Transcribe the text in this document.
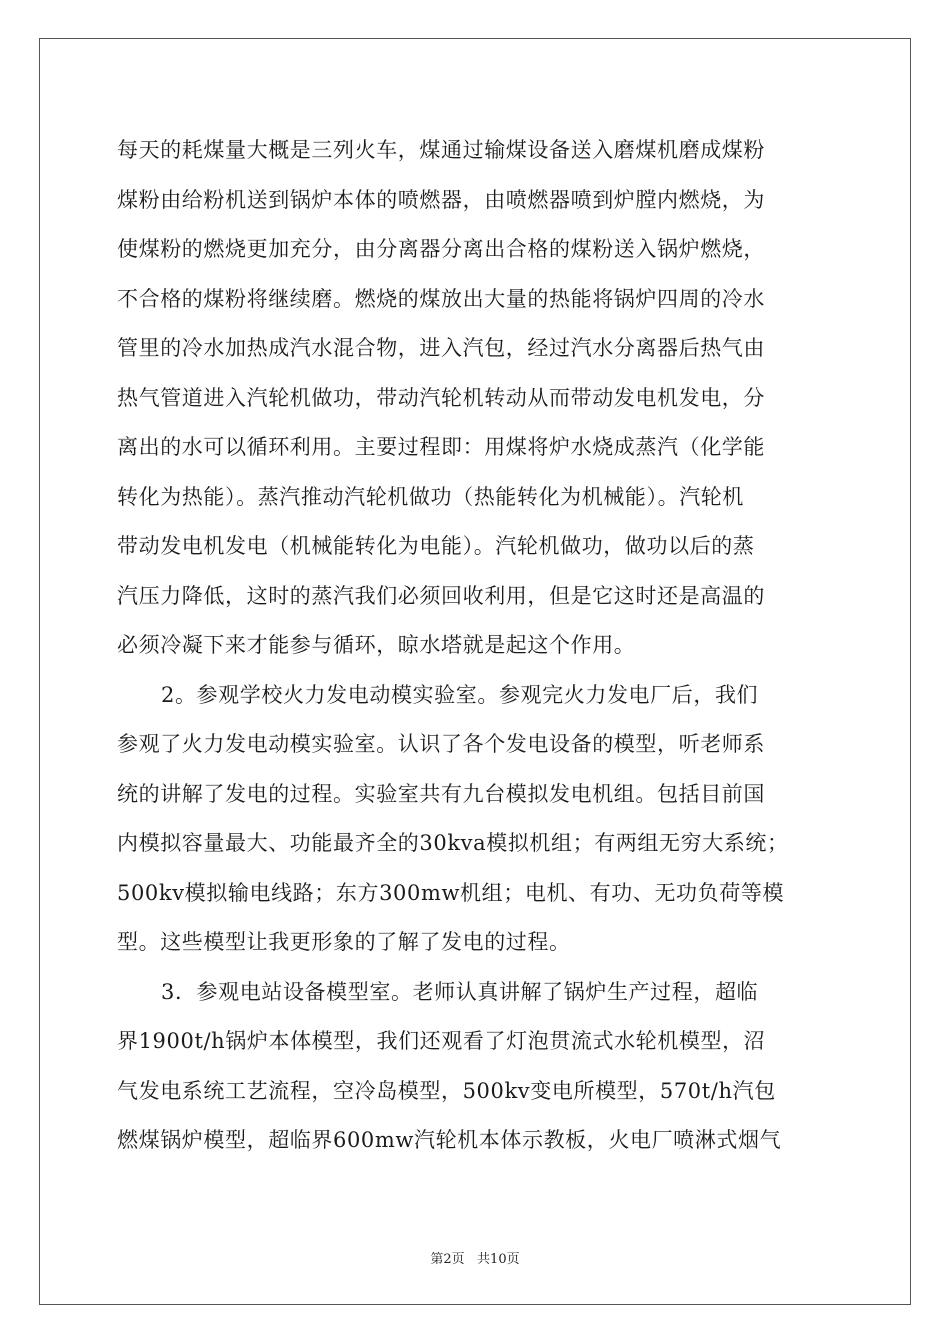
每天的耗煤量大概是三列火车，煤通过输煤设备送入磨煤机磨成煤粉
煤粉由给粉机送到锅炉本体的喷燃器，由喷燃器喷到炉膛内燃烧，为
使煤粉的燃烧更加充分，由分离器分离出合格的煤粉送入锅炉燃烧，
不合格的煤粉将继续磨。燃烧的煤放出大量的热能将锅炉四周的冷水
管里的冷水加热成汽水混合物，进入汽包，经过汽水分离器后热气由
热气管道进入汽轮机做功，带动汽轮机转动从而带动发电机发电，分
离出的水可以循环利用。主要过程即：用煤将炉水烧成蒸汽（化学能
转化为热能）。蒸汽推动汽轮机做功（热能转化为机械能）。汽轮机
带动发电机发电（机械能转化为电能）。汽轮机做功，做功以后的蒸
汽压力降低，这时的蒸汽我们必须回收利用，但是它这时还是高温的
必须冷凝下来才能参与循环，晾水塔就是起这个作用。
2。参观学校火力发电动模实验室。参观完火力发电厂后，我们
参观了火力发电动模实验室。认识了各个发电设备的模型，听老师系
统的讲解了发电的过程。实验室共有九台模拟发电机组。包括目前国
内模拟容量最大、功能最齐全的30kva模拟机组；有两组无穷大系统；
500kv模拟输电线路；东方300mw机组；电机、有功、无功负荷等模
型。这些模型让我更形象的了解了发电的过程。
3．参观电站设备模型室。老师认真讲解了锅炉生产过程，超临
界1900t/h锅炉本体模型，我们还观看了灯泡贯流式水轮机模型，沼
气发电系统工艺流程，空冷岛模型，500kv变电所模型，570t/h汽包
燃煤锅炉模型，超临界600mw汽轮机本体示教板，火电厂喷淋式烟气
第2页   共10页
